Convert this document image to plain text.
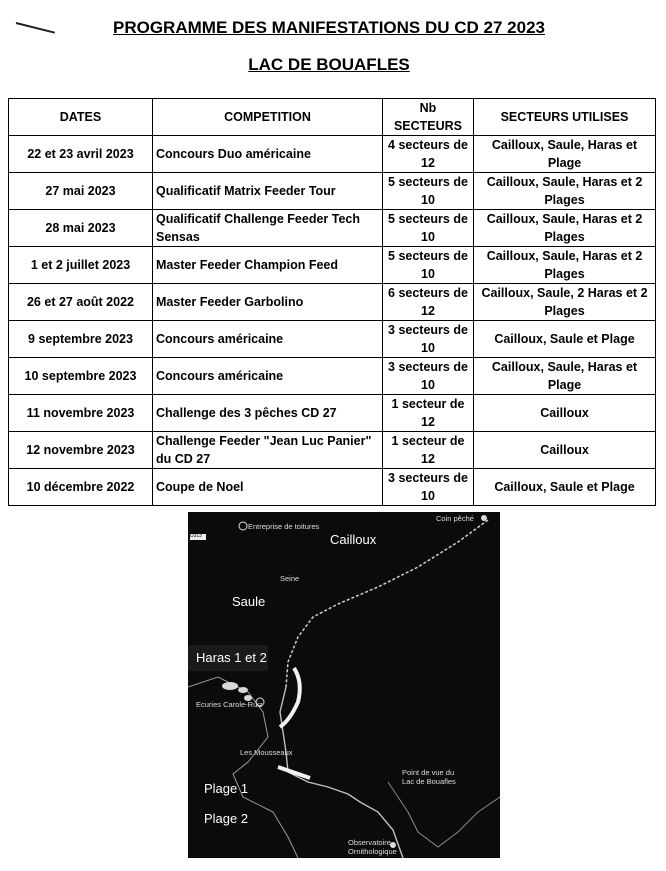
PROGRAMME DES MANIFESTATIONS DU CD 27 2023
LAC DE BOUAFLES
DATES	COMPETITION	Nb SECTEURS	SECTEURS UTILISES
22 et 23 avril 2023	Concours Duo américaine	4 secteurs de 12	Cailloux, Saule, Haras et Plage
27 mai 2023	Qualificatif Matrix Feeder Tour	5 secteurs de 10	Cailloux, Saule, Haras et 2 Plages
28 mai 2023	Qualificatif Challenge Feeder Tech Sensas	5 secteurs de 10	Cailloux, Saule, Haras et 2 Plages
1 et 2 juillet 2023	Master Feeder Champion Feed	5 secteurs de 10	Cailloux, Saule, Haras et 2 Plages
26 et 27 août 2022	Master Feeder Garbolino	6 secteurs de 12	Cailloux, Saule, 2 Haras et 2 Plages
9 septembre 2023	Concours américaine	3 secteurs de 10	Cailloux, Saule et Plage
10 septembre 2023	Concours américaine	3 secteurs de 10	Cailloux, Saule, Haras et Plage
11 novembre 2023	Challenge des 3 pêches CD 27	1 secteur de 12	Cailloux
12 novembre 2023	Challenge Feeder "Jean Luc Panier" du CD 27	1 secteur de 12	Cailloux
10 décembre 2022	Coupe de Noel	3 secteurs de 10	Cailloux, Saule et Plage
Entreprise de toitures
Coin pêché
D313
Seine
Ecuries Carole-Ruiz
Les Mousseaux
Point de vue du Lac de Bouafles
Observatoire Ornithologique
Cailloux
Saule
Haras 1 et 2
Plage 1
Plage 2
